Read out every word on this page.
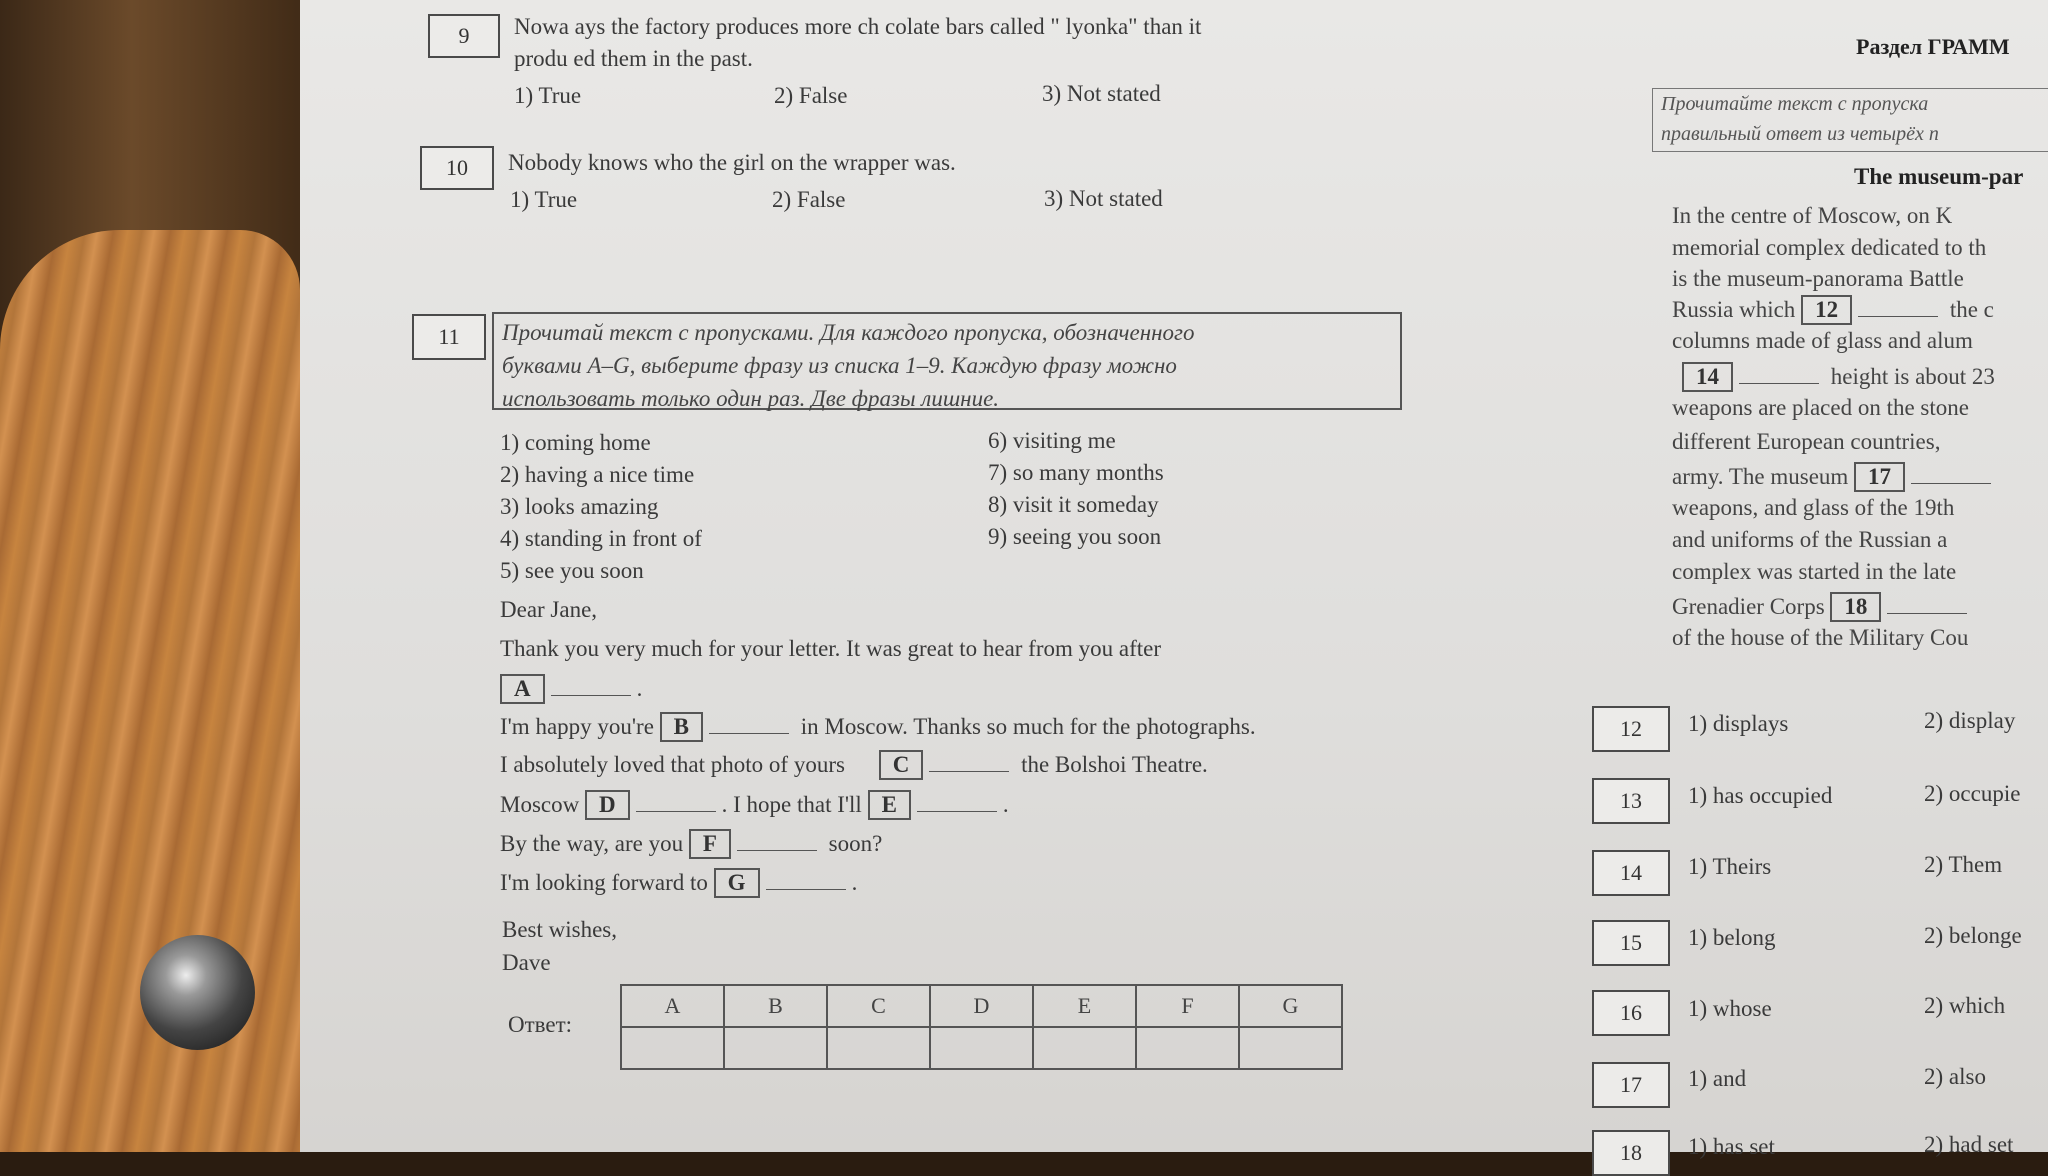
9 Nowa ays the factory produces more ch colate bars called " lyonka" than it
produ ed them in the past.
1) True	2) False	3) Not stated
10 Nobody knows who the girl on the wrapper was.
1) True	2) False	3) Not stated
11 Прочитай текст с пропусками. Для каждого пропуска, обозначенного
буквами A–G, выберите фразу из списка 1–9. Каждую фразу можно
использовать только один раз. Две фразы лишние.
1) coming home
2) having a nice time
3) looks amazing
4) standing in front of
5) see you soon
6) visiting me
7) so many months
8) visit it someday
9) seeing you soon
Dear Jane,
Thank you very much for your letter. It was great to hear from you after
A	.
I'm happy you're B	in Moscow. Thanks so much for the photographs.
I absolutely loved that photo of yours C	the Bolshoi Theatre.
Moscow D	. I hope that I'll E	.
By the way, are you F	soon?
I'm looking forward to G	.
Best wishes,
Dave
Ответ:
A	B	C	D	E	F	G

Раздел ГРАММ
Прочитайте текст с пропуска
правильный ответ из четырёх п
The museum-par
In the centre of Moscow, on K
memorial complex dedicated to th
is the museum-panorama Battle
Russia which 12	the c
columns made of glass and alum
14	height is about 23
weapons are placed on the stone
different European countries,
army. The museum 17
weapons, and glass of the 19th
and uniforms of the Russian a
complex was started in the late
Grenadier Corps 18
of the house of the Military Cou
12 1) displays	2) display
13 1) has occupied	2) occupie
14 1) Theirs	2) Them
15 1) belong	2) belonge
16 1) whose	2) which
17 1) and	2) also
18 1) has set	2) had set
